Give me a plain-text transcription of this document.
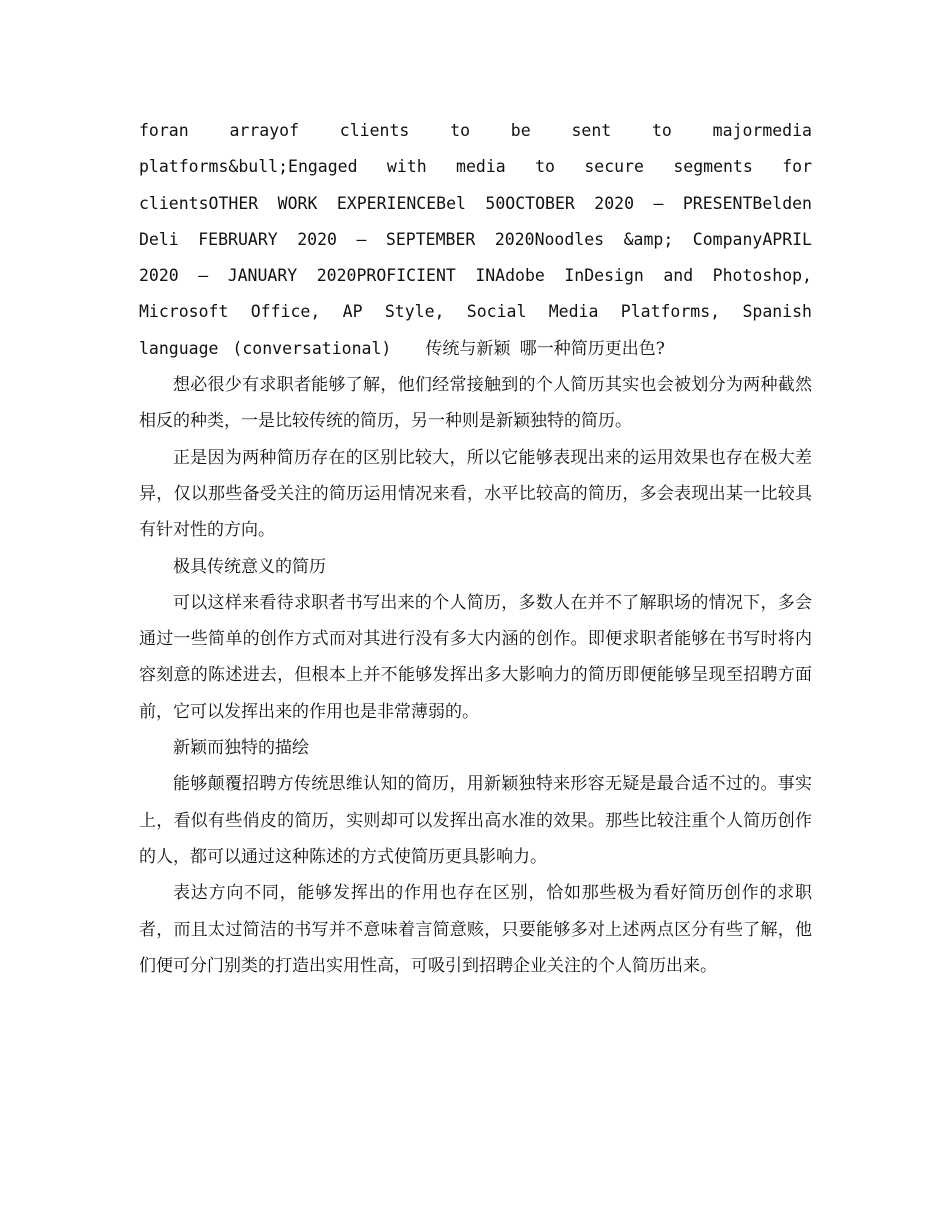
foran arrayof clients to be sent to majormedia platforms&bull;Engaged with media to secure segments for clientsOTHER WORK EXPERIENCEBel 50OCTOBER 2020 – PRESENTBelden Deli FEBRUARY 2020 – SEPTEMBER 2020Noodles &amp; CompanyAPRIL 2020 – JANUARY 2020PROFICIENT INAdobe InDesign and Photoshop, Microsoft Office, AP Style, Social Media Platforms, Spanish language (conversational) 传统与新颖 哪一种简历更出色?

想必很少有求职者能够了解，他们经常接触到的个人简历其实也会被划分为两种截然相反的种类，一是比较传统的简历，另一种则是新颖独特的简历。

正是因为两种简历存在的区别比较大，所以它能够表现出来的运用效果也存在极大差异，仅以那些备受关注的简历运用情况来看，水平比较高的简历，多会表现出某一比较具有针对性的方向。

极具传统意义的简历

可以这样来看待求职者书写出来的个人简历，多数人在并不了解职场的情况下，多会通过一些简单的创作方式而对其进行没有多大内涵的创作。即便求职者能够在书写时将内容刻意的陈述进去，但根本上并不能够发挥出多大影响力的简历即便能够呈现至招聘方面前，它可以发挥出来的作用也是非常薄弱的。

新颖而独特的描绘

能够颠覆招聘方传统思维认知的简历，用新颖独特来形容无疑是最合适不过的。事实上，看似有些俏皮的简历，实则却可以发挥出高水准的效果。那些比较注重个人简历创作的人，都可以通过这种陈述的方式使简历更具影响力。

表达方向不同，能够发挥出的作用也存在区别，恰如那些极为看好简历创作的求职者，而且太过简洁的书写并不意味着言简意赅，只要能够多对上述两点区分有些了解，他们便可分门别类的打造出实用性高，可吸引到招聘企业关注的个人简历出来。
